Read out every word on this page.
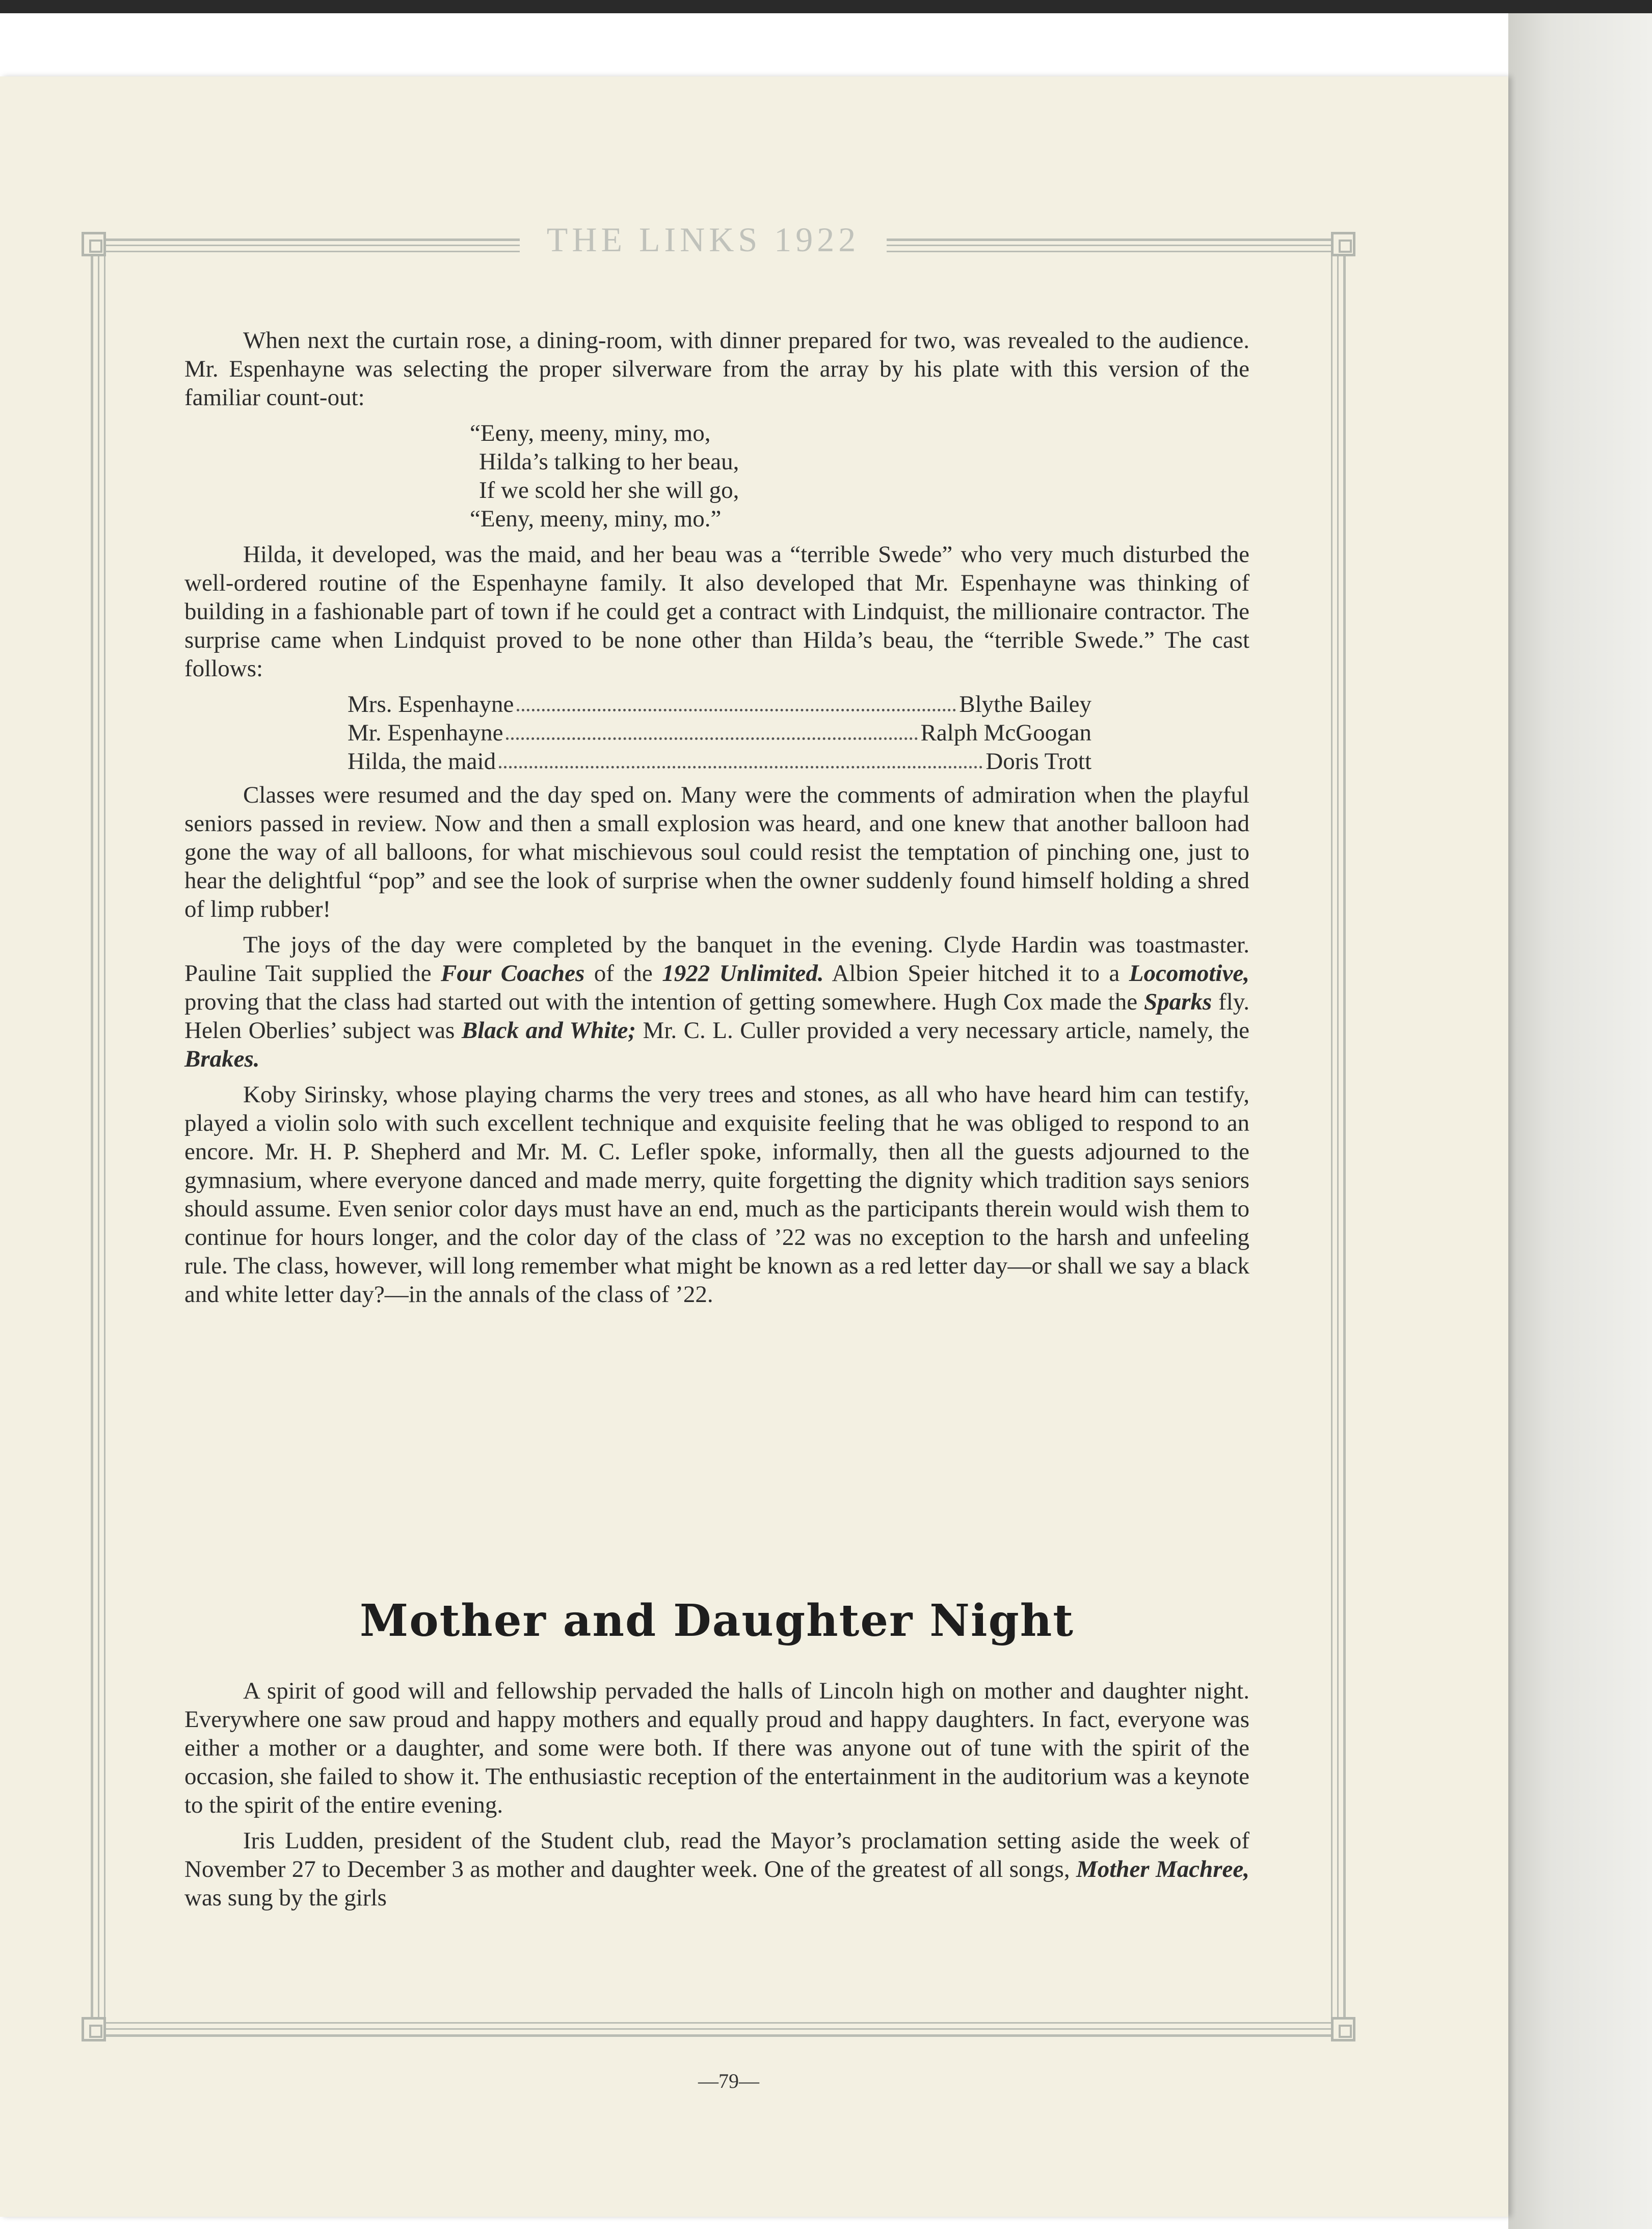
THE LINKS 1922

When next the curtain rose, a dining-room, with dinner prepared for two, was revealed to the audience. Mr. Espenhayne was selecting the proper silverware from the array by his plate with this version of the familiar count-out:

“Eeny, meeny, miny, mo,
Hilda’s talking to her beau,
If we scold her she will go,
“Eeny, meeny, miny, mo.”

Hilda, it developed, was the maid, and her beau was a “terrible Swede” who very much disturbed the well-ordered routine of the Espenhayne family. It also developed that Mr. Espenhayne was thinking of building in a fashionable part of town if he could get a contract with Lindquist, the millionaire contractor. The surprise came when Lindquist proved to be none other than Hilda’s beau, the “terrible Swede.” The cast follows:

Mrs. Espenhayne	Blythe Bailey
Mr. Espenhayne	Ralph McGoogan
Hilda, the maid	Doris Trott

Classes were resumed and the day sped on. Many were the comments of admiration when the playful seniors passed in review. Now and then a small explosion was heard, and one knew that another balloon had gone the way of all balloons, for what mischievous soul could resist the temptation of pinching one, just to hear the delightful “pop” and see the look of surprise when the owner suddenly found himself holding a shred of limp rubber!

The joys of the day were completed by the banquet in the evening. Clyde Hardin was toastmaster. Pauline Tait supplied the Four Coaches of the 1922 Unlimited. Albion Speier hitched it to a Locomotive, proving that the class had started out with the intention of getting somewhere. Hugh Cox made the Sparks fly. Helen Oberlies’ subject was Black and White; Mr. C. L. Culler provided a very necessary article, namely, the Brakes.

Koby Sirinsky, whose playing charms the very trees and stones, as all who have heard him can testify, played a violin solo with such excellent technique and exquisite feeling that he was obliged to respond to an encore. Mr. H. P. Shepherd and Mr. M. C. Lefler spoke, informally, then all the guests adjourned to the gymnasium, where everyone danced and made merry, quite forgetting the dignity which tradition says seniors should assume. Even senior color days must have an end, much as the participants therein would wish them to continue for hours longer, and the color day of the class of ’22 was no exception to the harsh and unfeeling rule. The class, however, will long remember what might be known as a red letter day—or shall we say a black and white letter day?—in the annals of the class of ’22.

Mother and Daughter Night

A spirit of good will and fellowship pervaded the halls of Lincoln high on mother and daughter night. Everywhere one saw proud and happy mothers and equally proud and happy daughters. In fact, everyone was either a mother or a daughter, and some were both. If there was anyone out of tune with the spirit of the occasion, she failed to show it. The enthusiastic reception of the entertainment in the auditorium was a keynote to the spirit of the entire evening.

Iris Ludden, president of the Student club, read the Mayor’s proclamation setting aside the week of November 27 to December 3 as mother and daughter week. One of the greatest of all songs, Mother Machree, was sung by the girls

—79—
